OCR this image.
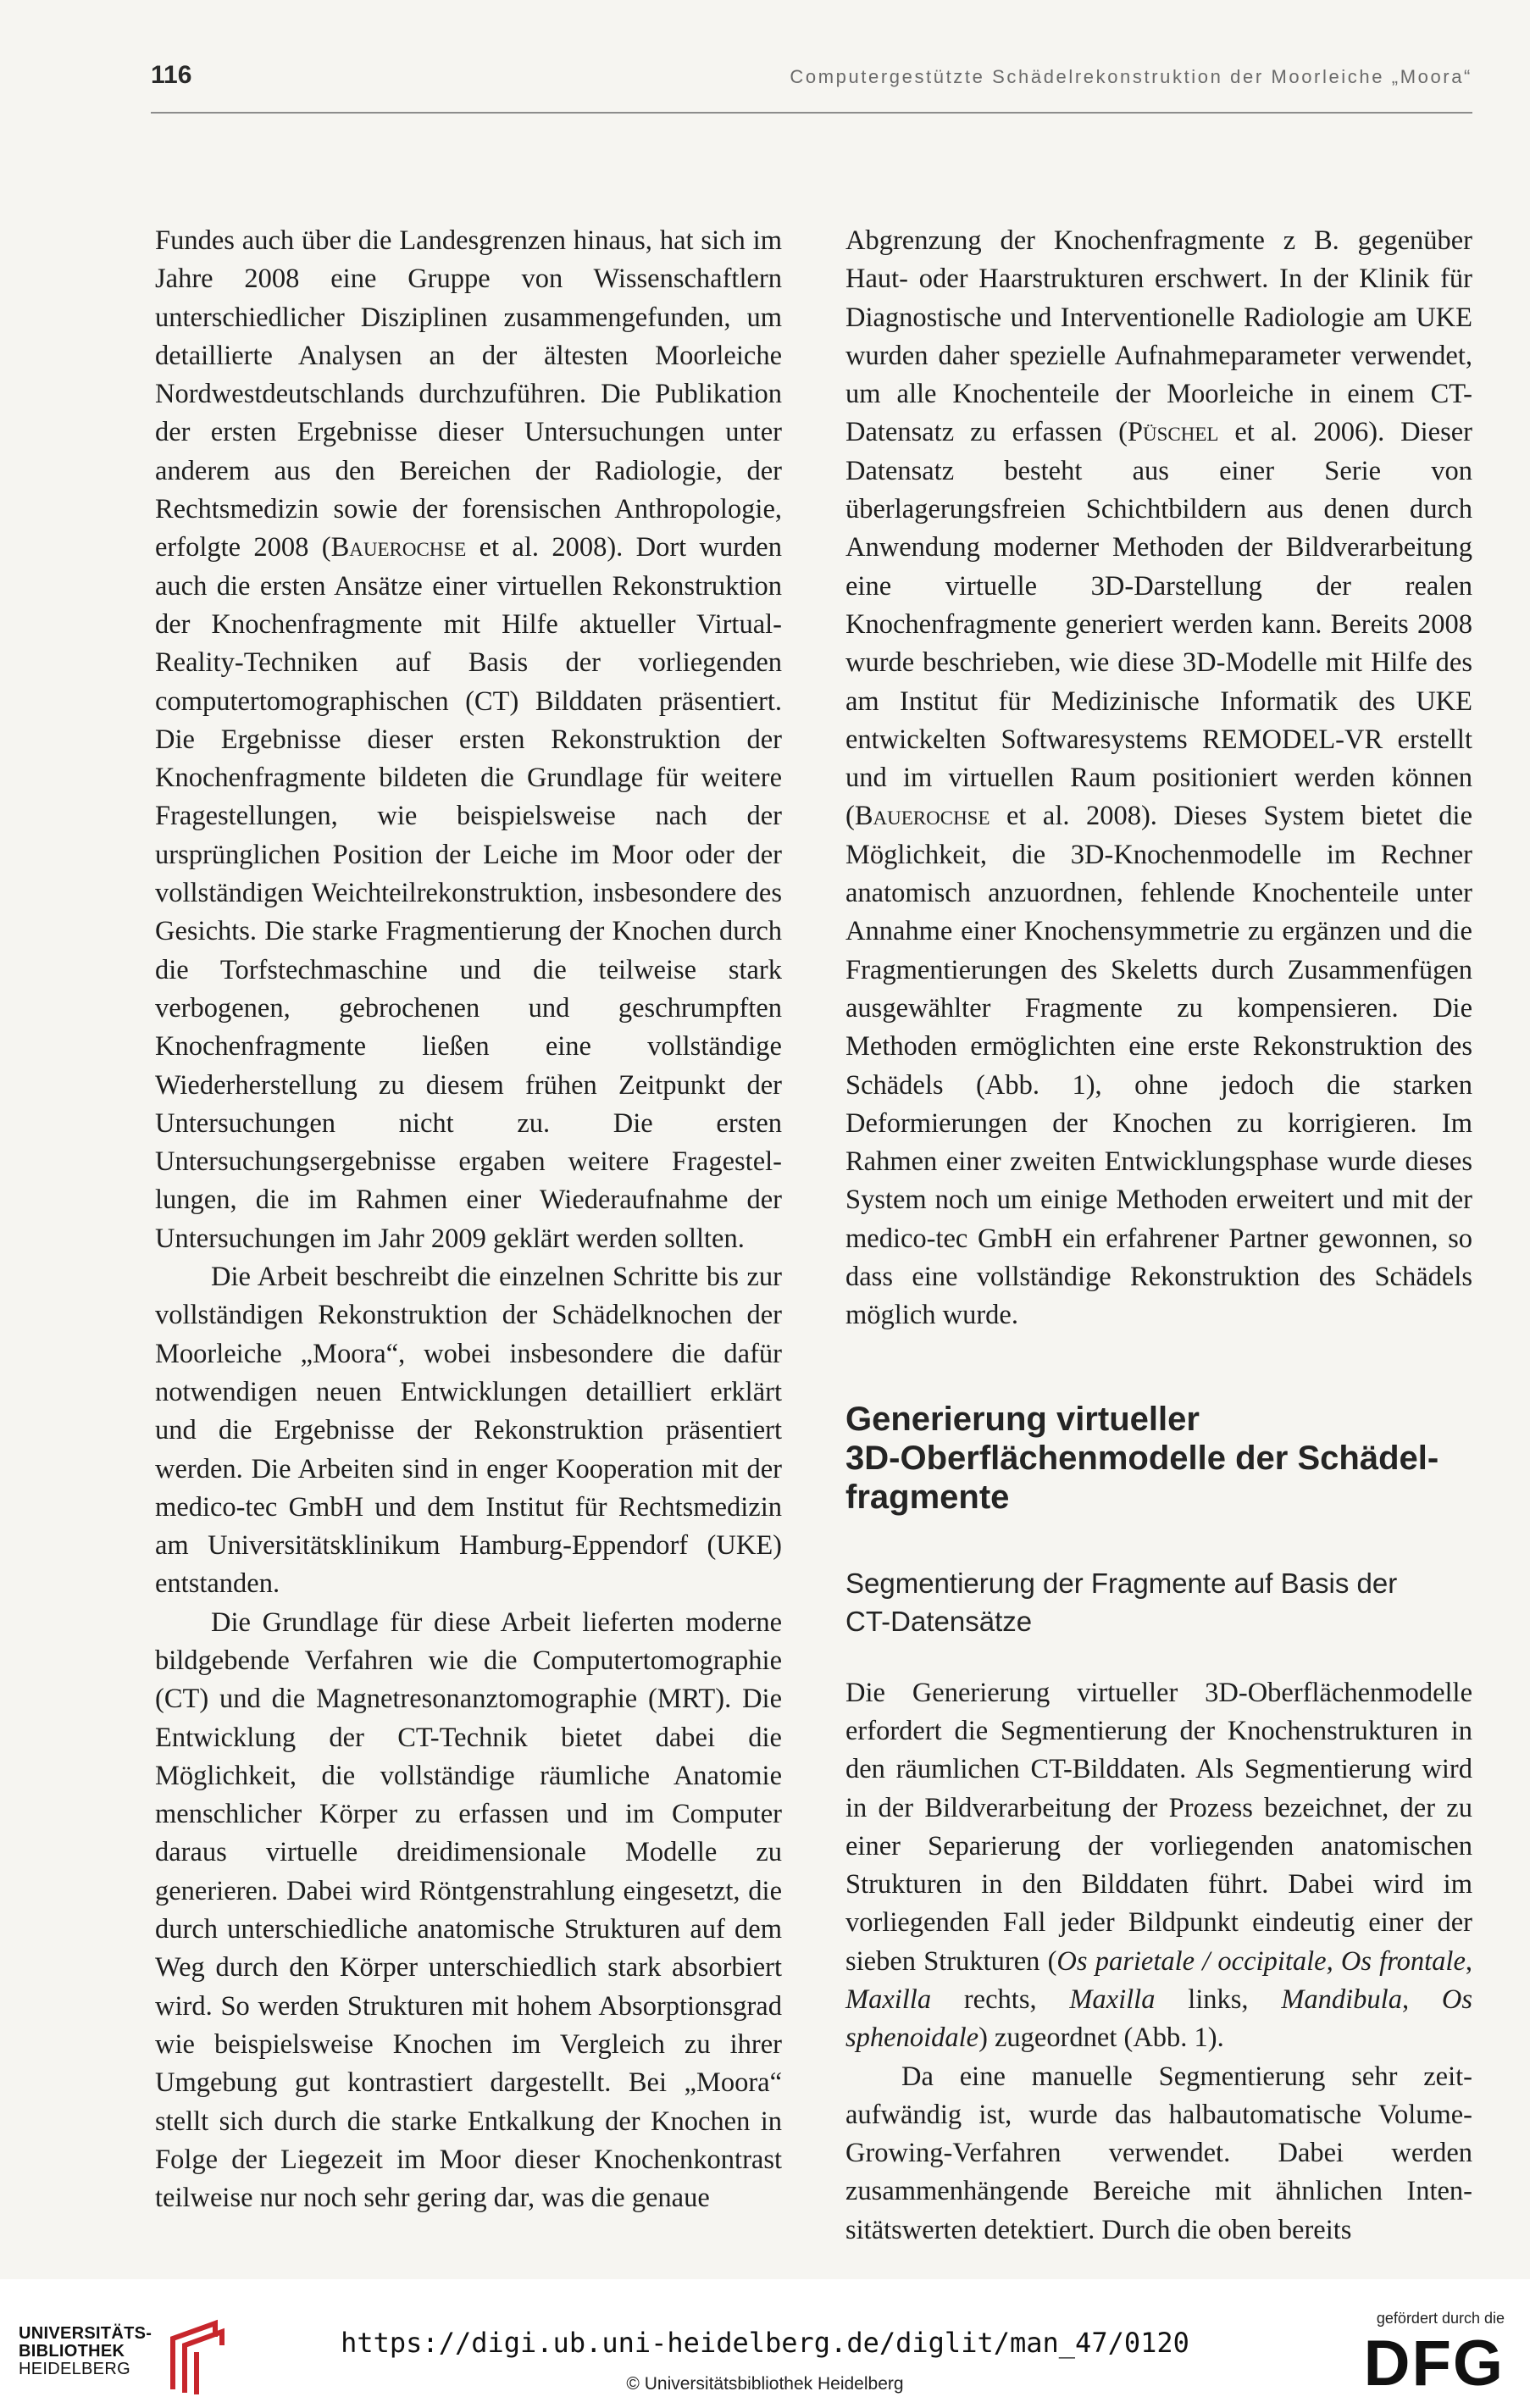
116	Computergestützte Schädelrekonstruktion der Moorleiche „Moora“

Fundes auch über die Landesgrenzen hinaus, hat sich im Jahre 2008 eine Gruppe von Wissenschaftlern unterschiedlicher Disziplinen zusammengefunden, um detaillierte Analysen an der ältesten Moorleiche Nordwestdeutschlands durchzuführen. Die Publikation der ersten Ergebnisse dieser Untersuchungen unter anderem aus den Bereichen der Radiologie, der Rechtsmedizin sowie der forensischen Anthropologie, erfolgte 2008 (Bauerochse et al. 2008). Dort wurden auch die ersten Ansätze einer virtuellen Rekonstruktion der Knochenfragmente mit Hilfe aktueller Virtual-Reality-Techniken auf Basis der vorliegenden computertomographischen (CT) Bilddaten präsentiert. Die Ergebnisse dieser ersten Rekonstruktion der Knochenfragmente bildeten die Grundlage für weitere Fragestellungen, wie beispielsweise nach der ursprünglichen Position der Leiche im Moor oder der vollständigen Weichteilrekonstruktion, insbesondere des Gesichts. Die starke Fragmentierung der Knochen durch die Torfstechmaschine und die teilweise stark verbogenen, gebrochenen und geschrumpften Knochenfragmente ließen eine vollständige Wiederherstellung zu diesem frühen Zeitpunkt der Untersuchungen nicht zu. Die ersten Untersuchungsergebnisse ergaben weitere Fragestellungen, die im Rahmen einer Wiederaufnahme der Untersuchungen im Jahr 2009 geklärt werden sollten.

Die Arbeit beschreibt die einzelnen Schritte bis zur vollständigen Rekonstruktion der Schädelknochen der Moorleiche „Moora“, wobei insbesondere die dafür notwendigen neuen Entwicklungen detailliert erklärt und die Ergebnisse der Rekonstruktion präsentiert werden. Die Arbeiten sind in enger Kooperation mit der medico-tec GmbH und dem Institut für Rechtsmedizin am Universitätsklinikum Hamburg-Eppendorf (UKE) entstanden.

Die Grundlage für diese Arbeit lieferten moderne bildgebende Verfahren wie die Computertomographie (CT) und die Magnetresonanztomographie (MRT). Die Entwicklung der CT-Technik bietet dabei die Möglichkeit, die vollständige räumliche Anatomie menschlicher Körper zu erfassen und im Computer daraus virtuelle dreidimensionale Modelle zu generieren. Dabei wird Röntgenstrahlung eingesetzt, die durch unterschiedliche anatomische Strukturen auf dem Weg durch den Körper unterschiedlich stark absorbiert wird. So werden Strukturen mit hohem Absorptionsgrad wie beispielsweise Knochen im Vergleich zu ihrer Umgebung gut kontrastiert dargestellt. Bei „Moora“ stellt sich durch die starke Entkalkung der Knochen in Folge der Liegezeit im Moor dieser Knochenkontrast teilweise nur noch sehr gering dar, was die genaue

Abgrenzung der Knochenfragmente z B. gegenüber Haut- oder Haarstrukturen erschwert. In der Klinik für Diagnostische und Interventionelle Radiologie am UKE wurden daher spezielle Aufnahmeparameter verwendet, um alle Knochenteile der Moorleiche in einem CT-Datensatz zu erfassen (Püschel et al. 2006). Dieser Datensatz besteht aus einer Serie von überlagerungsfreien Schichtbildern aus denen durch Anwendung moderner Methoden der Bildverarbeitung eine virtuelle 3D-Darstellung der realen Knochenfragmente generiert werden kann. Bereits 2008 wurde beschrieben, wie diese 3D-Modelle mit Hilfe des am Institut für Medizinische Informatik des UKE entwickelten Softwaresystems REMODEL-VR erstellt und im virtuellen Raum positioniert werden können (Bauerochse et al. 2008). Dieses System bietet die Möglichkeit, die 3D-Knochenmodelle im Rechner anatomisch anzuordnen, fehlende Knochenteile unter Annahme einer Knochensymmetrie zu ergänzen und die Fragmentierungen des Skeletts durch Zusammenfügen ausgewählter Fragmente zu kompensieren. Die Methoden ermöglichten eine erste Rekonstruktion des Schädels (Abb. 1), ohne jedoch die starken Deformierungen der Knochen zu korrigieren. Im Rahmen einer zweiten Entwicklungsphase wurde dieses System noch um einige Methoden erweitert und mit der medico-tec GmbH ein erfahrener Partner gewonnen, so dass eine vollständige Rekonstruktion des Schädels möglich wurde.

Generierung virtueller
3D-Oberflächenmodelle der Schädel-
fragmente
Segmentierung der Fragmente auf Basis der
CT-Datensätze

Die Generierung virtueller 3D-Oberflächenmodelle erfordert die Segmentierung der Knochenstrukturen in den räumlichen CT-Bilddaten. Als Segmentierung wird in der Bildverarbeitung der Prozess bezeichnet, der zu einer Separierung der vorliegenden anatomischen Strukturen in den Bilddaten führt. Dabei wird im vorliegenden Fall jeder Bildpunkt eindeutig einer der sieben Strukturen (Os parietale / occipitale, Os frontale, Maxilla rechts, Maxilla links, Mandibula, Os sphenoidale) zugeordnet (Abb. 1).

Da eine manuelle Segmentierung sehr zeitaufwändig ist, wurde das halbautomatische Volume-Growing-Verfahren verwendet. Dabei werden zusammenhängende Bereiche mit ähnlichen Intensitätswerten detektiert. Durch die oben bereits

UNIVERSITÄTS-
BIBLIOTHEK
HEIDELBERG
https://digi.ub.uni-heidelberg.de/diglit/man_47/0120
© Universitätsbibliothek Heidelberg
gefördert durch die
DFG
